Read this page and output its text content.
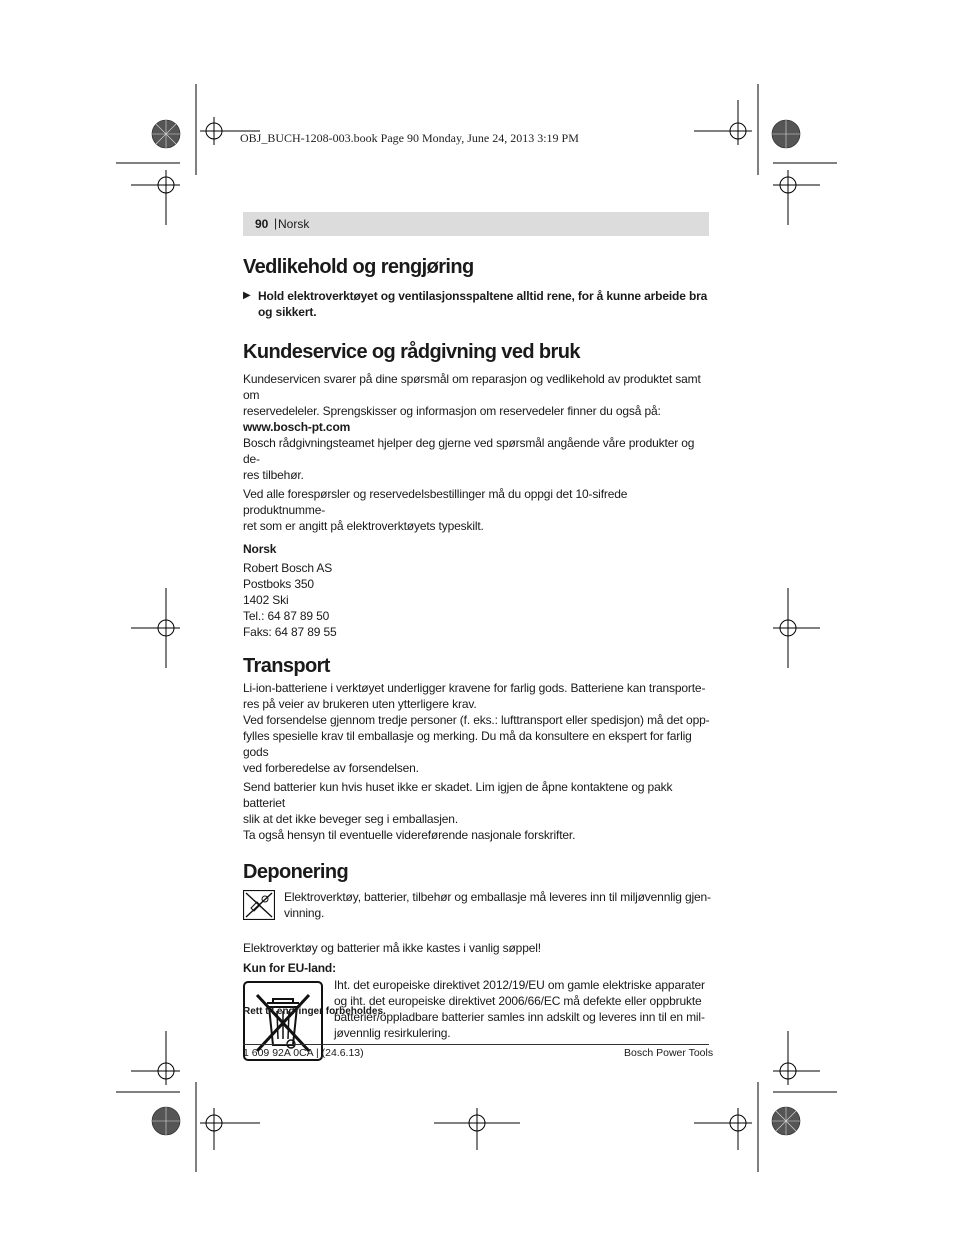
OBJ_BUCH-1208-003.book Page 90 Monday, June 24, 2013 3:19 PM
90 | Norsk
Vedlikehold og rengjøring
▶ Hold elektroverktøyet og ventilasjonsspaltene alltid rene, for å kunne arbeide bra

og sikkert.

Kundeservice og rådgivning ved bruk

Kundeservicen svarer på dine spørsmål om reparasjon og vedlikehold av produktet samt om

reservedeleler. Sprengskisser og informasjon om reservedeler finner du også på:

www.bosch-pt.com

Bosch rådgivningsteamet hjelper deg gjerne ved spørsmål angående våre produkter og de-

res tilbehør.

Ved alle forespørsler og reservedelsbestillinger må du oppgi det 10-sifrede produktnumme-

ret som er angitt på elektroverktøyets typeskilt.

Norsk

Robert Bosch AS

Postboks 350

1402 Ski

Tel.: 64 87 89 50

Faks: 64 87 89 55

Transport

Li-ion-batteriene i verktøyet underligger kravene for farlig gods. Batteriene kan transporte-

res på veier av brukeren uten ytterligere krav.

Ved forsendelse gjennom tredje personer (f. eks.: lufttransport eller spedisjon) må det opp-

fylles spesielle krav til emballasje og merking. Du må da konsultere en ekspert for farlig gods

ved forberedelse av forsendelsen.

Send batterier kun hvis huset ikke er skadet. Lim igjen de åpne kontaktene og pakk batteriet

slik at det ikke beveger seg i emballasjen.

Ta også hensyn til eventuelle videreførende nasjonale forskrifter.

Deponering

Elektroverktøy, batterier, tilbehør og emballasje må leveres inn til miljøvennlig gjen-

vinning.

Elektroverktøy og batterier må ikke kastes i vanlig søppel!

Kun for EU-land:

Iht. det europeiske direktivet 2012/19/EU om gamle elektriske apparater

og iht. det europeiske direktivet 2006/66/EC må defekte eller oppbrukte

batterier/oppladbare batterier samles inn adskilt og leveres inn til en mil-

jøvennlig resirkulering.

Rett til endringer forbeholdes.
1 609 92A 0CA | (24.6.13)	Bosch Power Tools
